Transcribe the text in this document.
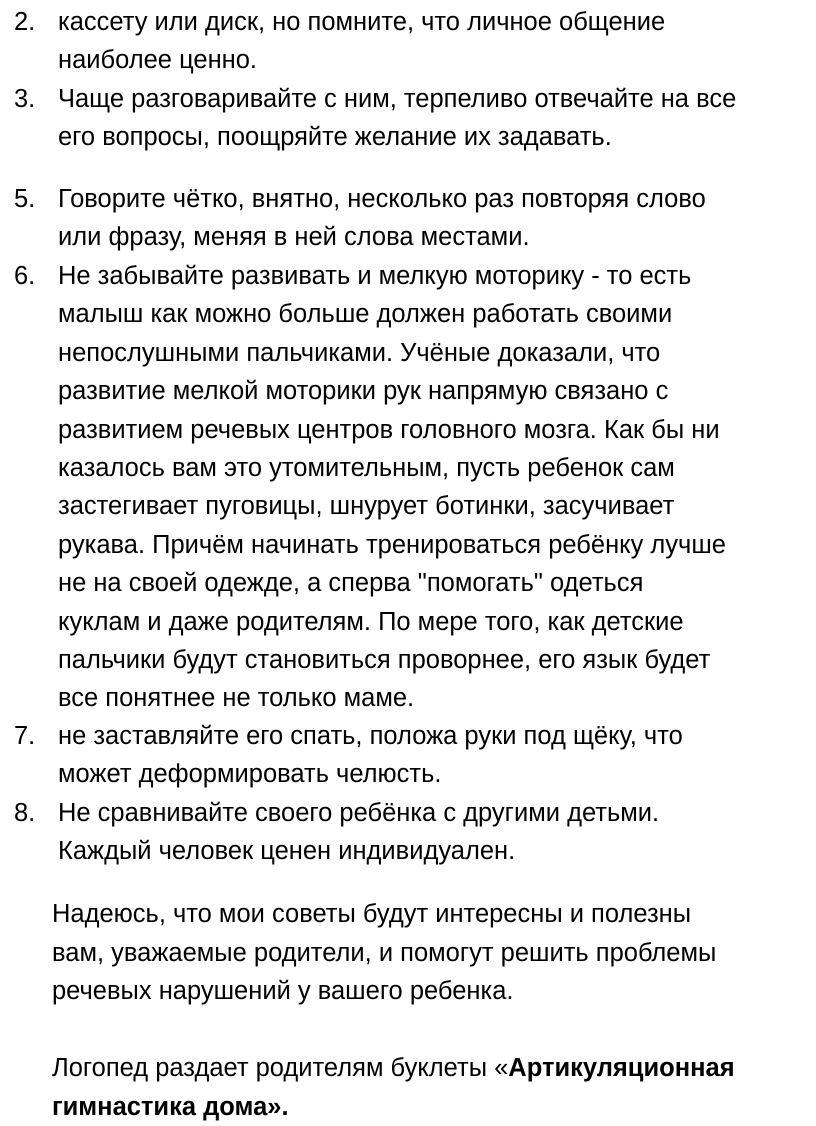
2. кассету или диск, но помните, что личное общение
наиболее ценно.
3. Чаще разговаривайте с ним, терпеливо отвечайте на все
его вопросы, поощряйте желание их задавать.
5. Говорите чётко, внятно, несколько раз повторяя слово
или фразу, меняя в ней слова местами.
6. Не забывайте развивать и мелкую моторику - то есть
малыш как можно больше должен работать своими
непослушными пальчиками. Учёные доказали, что
развитие мелкой моторики рук напрямую связано с
развитием речевых центров головного мозга. Как бы ни
казалось вам это утомительным, пусть ребенок сам
застегивает пуговицы, шнурует ботинки, засучивает
рукава. Причём начинать тренироваться ребёнку лучше
не на своей одежде, а сперва "помогать" одеться
куклам и даже родителям. По мере того, как детские
пальчики будут становиться проворнее, его язык будет
все понятнее не только маме.
7. не заставляйте его спать, положа руки под щёку, что
может деформировать челюсть.
8. Не сравнивайте своего ребёнка с другими детьми.
Каждый человек ценен индивидуален.
Надеюсь, что мои советы будут интересны и полезны
вам, уважаемые родители, и помогут решить проблемы
речевых нарушений у вашего ребенка.
Логопед раздает родителям буклеты «Артикуляционная
гимнастика дома».
